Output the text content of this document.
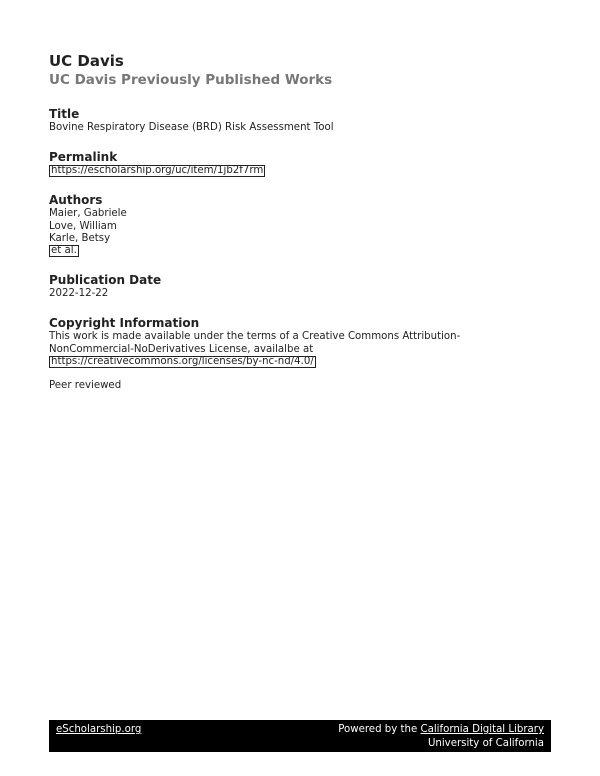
UC Davis
UC Davis Previously Published Works
Title
Bovine Respiratory Disease (BRD) Risk Assessment Tool
Permalink
https://escholarship.org/uc/item/1jb2f7rm
Authors
Maier, Gabriele
Love, William
Karle, Betsy
et al.
Publication Date
2022-12-22
Copyright Information
This work is made available under the terms of a Creative Commons Attribution-
NonCommercial-NoDerivatives License, availalbe at
https://creativecommons.org/licenses/by-nc-nd/4.0/
Peer reviewed
eScholarship.org	Powered by the California Digital Library
University of California
